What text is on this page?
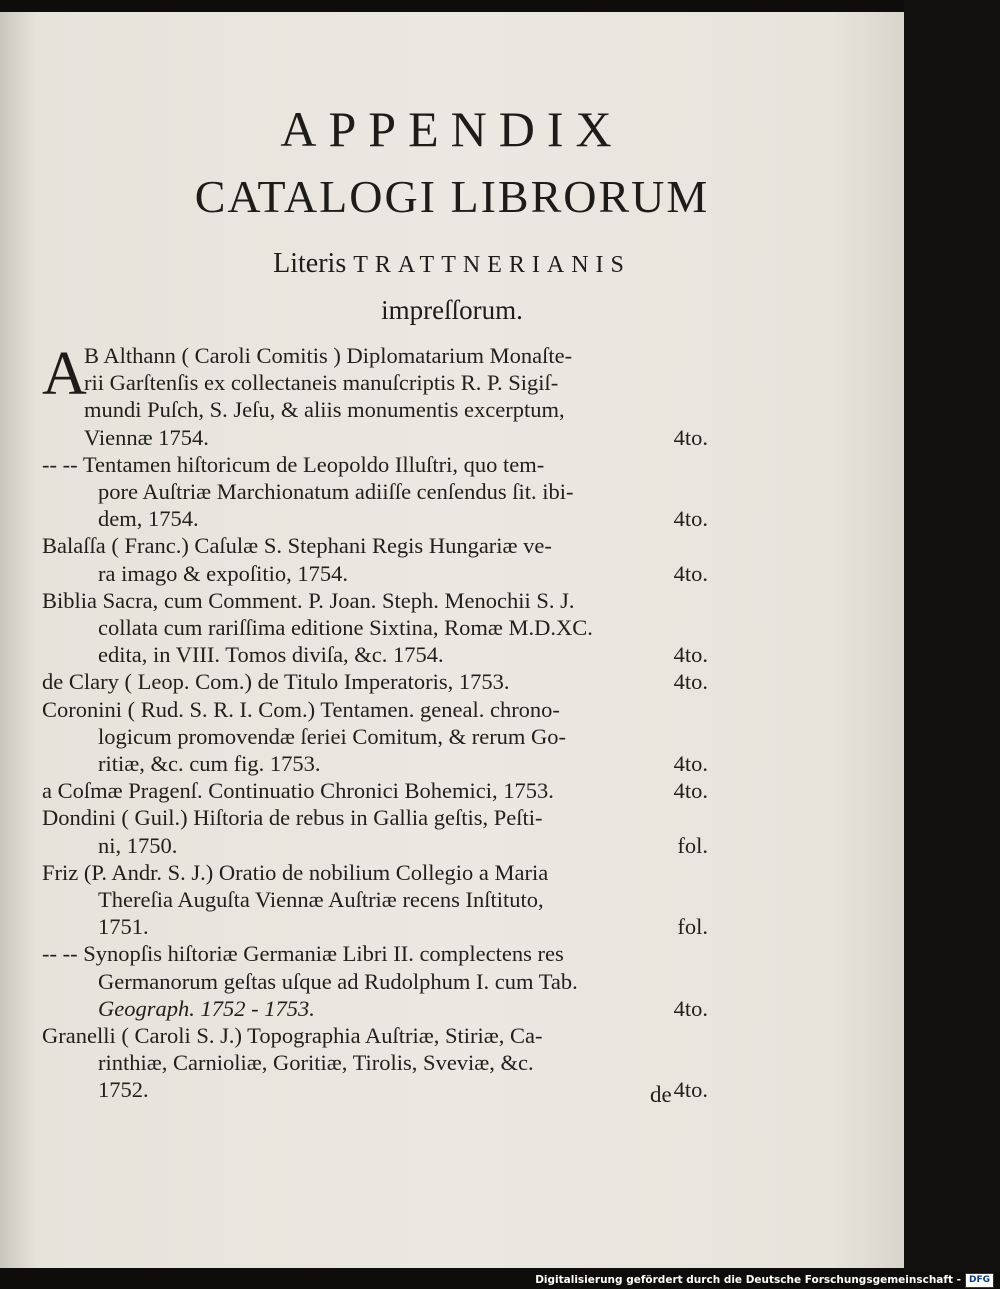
APPENDIX
CATALOGI LIBRORUM
Literis TRATTNERIANIS
impreſſorum.
A
B Althann ( Caroli Comitis ) Diplomatarium Monaſte-
rii Garſtenſis ex collectaneis manuſcriptis R. P. Sigiſ-
mundi Puſch, S. Jeſu, & aliis monumentis excerptum,
Viennæ 1754.	4to.
-- -- Tentamen hiſtoricum de Leopoldo Illuſtri, quo tem-
pore Auſtriæ Marchionatum adiiſſe cenſendus ſit. ibi-
dem, 1754.	4to.
Balaſſa ( Franc.) Caſulæ S. Stephani Regis Hungariæ ve-
ra imago & expoſitio, 1754.	4to.
Biblia Sacra, cum Comment. P. Joan. Steph. Menochii S. J.
collata cum rariſſima editione Sixtina, Romæ M.D.XC.
edita, in VIII. Tomos diviſa, &c. 1754.	4to.
de Clary ( Leop. Com.) de Titulo Imperatoris, 1753.	4to.
Coronini ( Rud. S. R. I. Com.) Tentamen. geneal. chrono-
logicum promovendæ ſeriei Comitum, & rerum Go-
ritiæ, &c. cum fig. 1753.	4to.
a Coſmæ Pragenſ. Continuatio Chronici Bohemici, 1753.	4to.
Dondini ( Guil.) Hiſtoria de rebus in Gallia geſtis, Peſti-
ni, 1750.	fol.
Friz (P. Andr. S. J.) Oratio de nobilium Collegio a Maria
Thereſia Auguſta Viennæ Auſtriæ recens Inſtituto,
1751.	fol.
-- -- Synopſis hiſtoriæ Germaniæ Libri II. complectens res
Germanorum geſtas uſque ad Rudolphum I. cum Tab.
Geograph. 1752 - 1753.	4to.
Granelli ( Caroli S. J.) Topographia Auſtriæ, Stiriæ, Ca-
rinthiæ, Carnioliæ, Goritiæ, Tirolis, Sveviæ, &c.
1752.	4to.
de
Digitalisierung gefördert durch die Deutsche Forschungsgemeinschaft - DFG
